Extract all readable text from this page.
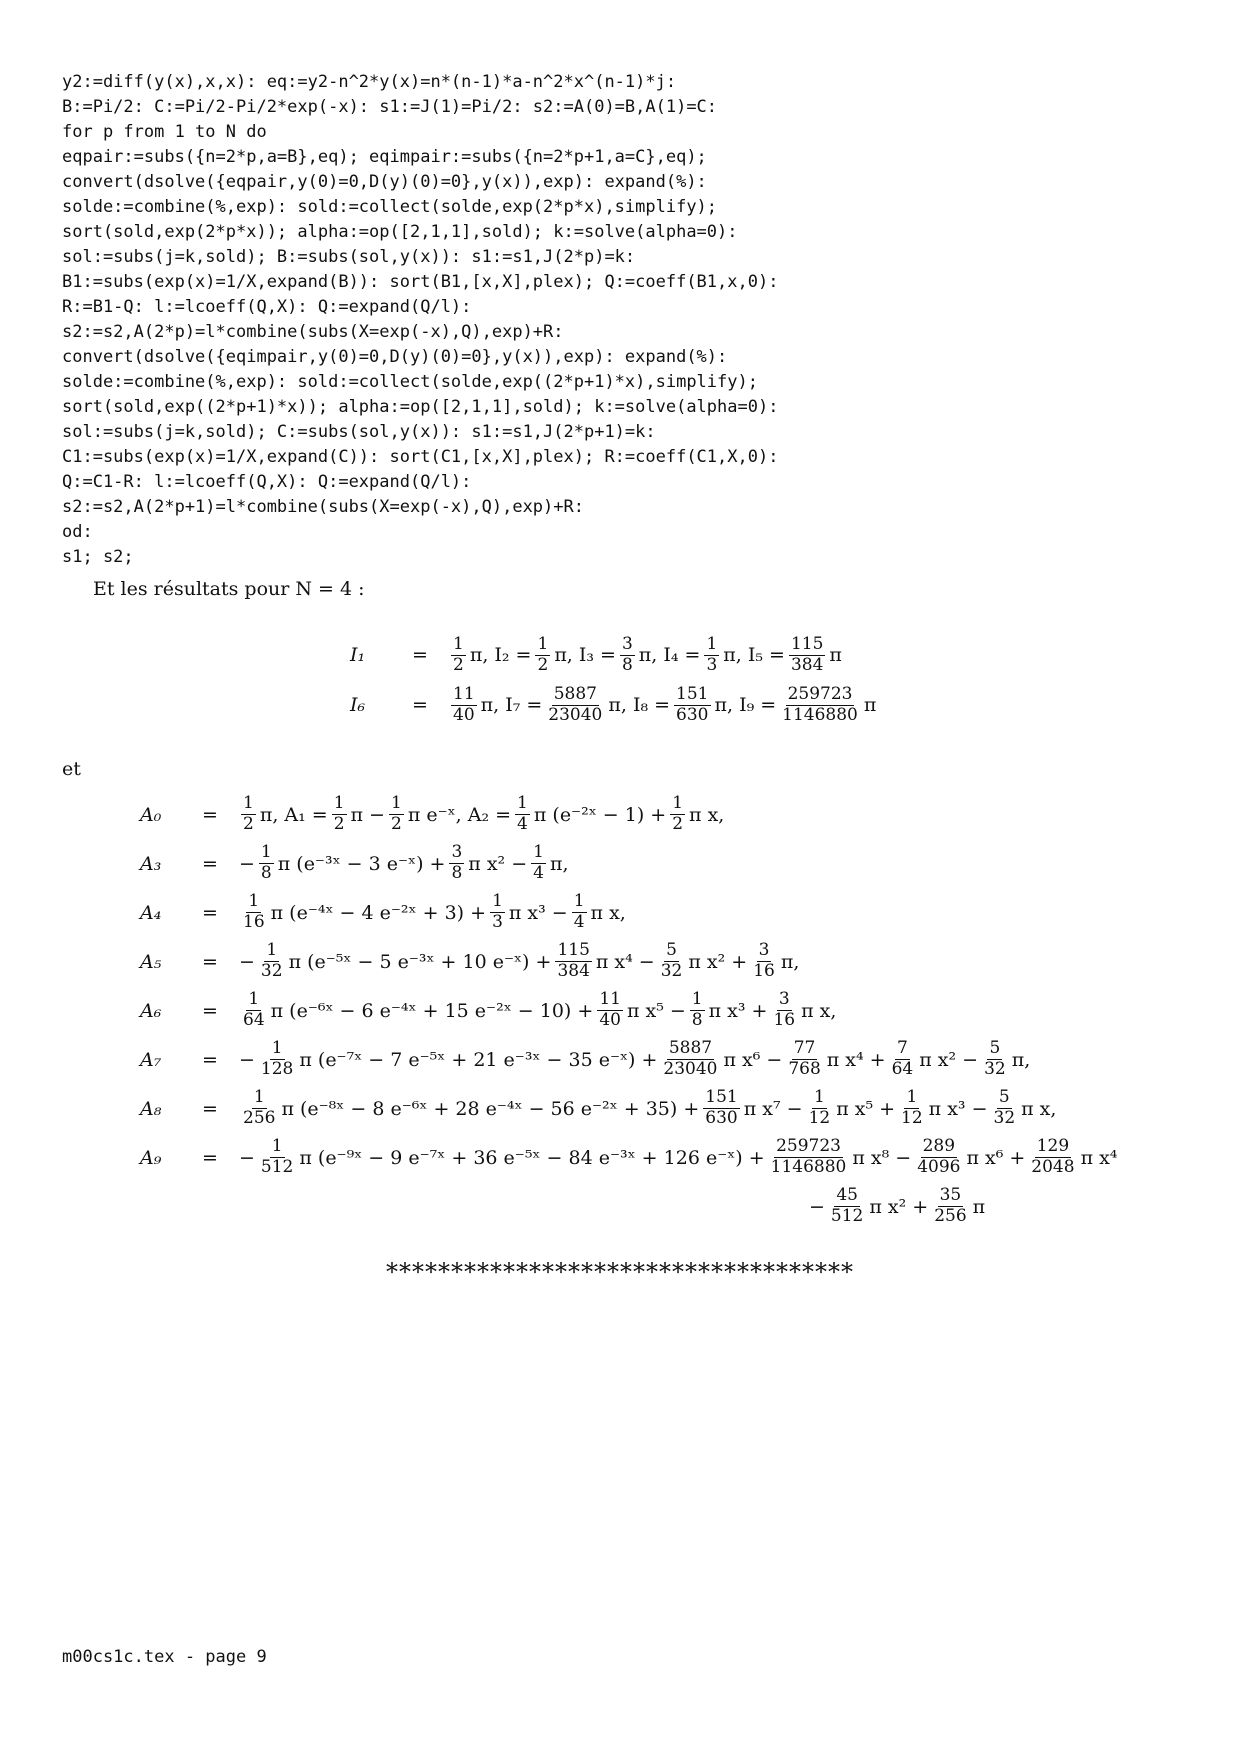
y2:=diff(y(x),x,x): eq:=y2-n^2*y(x)=n*(n-1)*a-n^2*x^(n-1)*j:
B:=Pi/2: C:=Pi/2-Pi/2*exp(-x): s1:=J(1)=Pi/2: s2:=A(0)=B,A(1)=C:
for p from 1 to N do
eqpair:=subs({n=2*p,a=B},eq); eqimpair:=subs({n=2*p+1,a=C},eq);
convert(dsolve({eqpair,y(0)=0,D(y)(0)=0},y(x)),exp): expand(%):
solde:=combine(%,exp): sold:=collect(solde,exp(2*p*x),simplify);
sort(sold,exp(2*p*x)); alpha:=op([2,1,1],sold); k:=solve(alpha=0):
sol:=subs(j=k,sold); B:=subs(sol,y(x)): s1:=s1,J(2*p)=k:
B1:=subs(exp(x)=1/X,expand(B)): sort(B1,[x,X],plex); Q:=coeff(B1,x,0):
R:=B1-Q: l:=lcoeff(Q,X): Q:=expand(Q/l):
s2:=s2,A(2*p)=l*combine(subs(X=exp(-x),Q),exp)+R:
convert(dsolve({eqimpair,y(0)=0,D(y)(0)=0},y(x)),exp): expand(%):
solde:=combine(%,exp): sold:=collect(solde,exp((2*p+1)*x),simplify);
sort(sold,exp((2*p+1)*x)); alpha:=op([2,1,1],sold); k:=solve(alpha=0):
sol:=subs(j=k,sold); C:=subs(sol,y(x)): s1:=s1,J(2*p+1)=k:
C1:=subs(exp(x)=1/X,expand(C)): sort(C1,[x,X],plex); R:=coeff(C1,X,0):
Q:=C1-R: l:=lcoeff(Q,X): Q:=expand(Q/l):
s2:=s2,A(2*p+1)=l*combine(subs(X=exp(-x),Q),exp)+R:
od:
s1; s2;
Et les résultats pour N = 4 :
I₁	=	$\frac{1}{2} \pi$, $I_2 = \frac{1}{2} \pi$, $I_3 = \frac{3}{8} \pi$, $I_4 = \frac{1}{3} \pi$, $I_5 = \frac{115}{384}$ π
I₆	=	$\frac{11}{40} \pi$, $I_7 = \frac{5887}{23040} \pi$, $I_8 = \frac{151}{630} \pi$, $I_9 = \frac{259723}{1146880}$ π
et
A₀	=	$\frac{1}{2} \pi$, $A_1 = \frac{1}{2}$ $\pi - \frac{1}{2}$ π e⁻ˣ, $A_2 = \frac{1}{4}$ π (e⁻²ˣ − $1) + \frac{1}{2}$ π x,
A₃	=	− $\frac{1}{8}$ π (e⁻³ˣ − 3 e⁻ˣ) + $\frac{3}{8}$ π $x^2 - \frac{1}{4} \pi$,
A₄	=	$\frac{1}{16}$ π (e⁻⁴ˣ − 4 e⁻²ˣ + $3) + \frac{1}{3}$ π $x^3 - \frac{1}{4}$ π x,
A₅	=	− $\frac{1}{32}$ π (e⁻⁵ˣ − 5 e⁻³ˣ + 10 e⁻ˣ) + $\frac{115}{384}$ π $x^4 - \frac{5}{32}$ π $x^2 + \frac{3}{16} \pi$,
A₆	=	$\frac{1}{64}$ π (e⁻⁶ˣ − 6 e⁻⁴ˣ + 15 e⁻²ˣ − $10) + \frac{11}{40}$ π $x^5 - \frac{1}{8}$ π $x^3 + \frac{3}{16}$ π x,
A₇	=	− $\frac{1}{128}$ π (e⁻⁷ˣ − 7 e⁻⁵ˣ + 21 e⁻³ˣ − 35 e⁻ˣ) + $\frac{5887}{23040}$ π $x^6 - \frac{77}{768}$ π $x^4 + \frac{7}{64}$ π $x^2 - \frac{5}{32} \pi$,
A₈	=	$\frac{1}{256}$ π (e⁻⁸ˣ − 8 e⁻⁶ˣ + 28 e⁻⁴ˣ − 56 e⁻²ˣ + $35) + \frac{151}{630}$ π $x^7 - \frac{1}{12}$ π $x^5 + \frac{1}{12}$ π $x^3 - \frac{5}{32}$ π x,
A₉	=	− $\frac{1}{512}$ π (e⁻⁹ˣ − 9 e⁻⁷ˣ + 36 e⁻⁵ˣ − 84 e⁻³ˣ + 126 e⁻ˣ) + $\frac{259723}{1146880}$ π $x^8 - \frac{289}{4096}$ π $x^6 + \frac{129}{2048}$ π x⁴
− $\frac{45}{512}$ π $x^2 + \frac{35}{256}$ π
************************************
m00cs1c.tex - page 9
